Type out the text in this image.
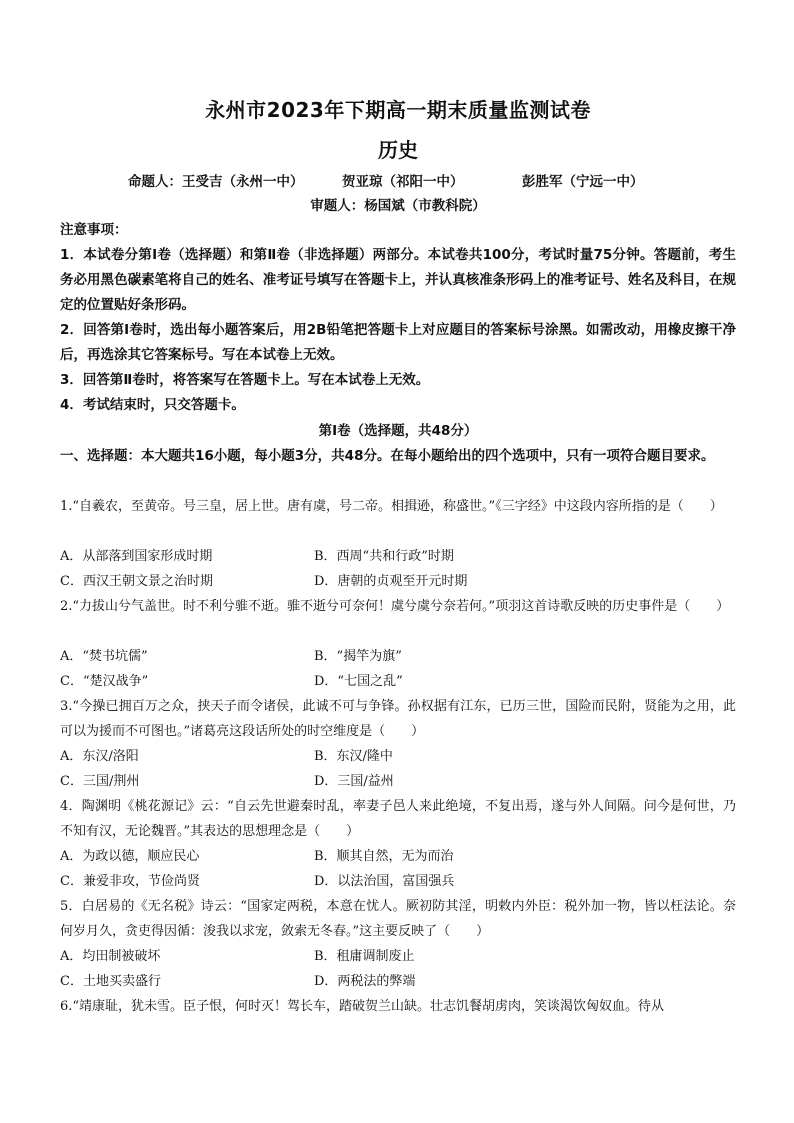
永州市2023年下期高一期末质量监测试卷
历史
命题人：王受吉（永州一中）	贺亚琼（祁阳一中）	彭胜军（宁远一中）
审题人：杨国斌（市教科院）
注意事项：
1．本试卷分第Ⅰ卷（选择题）和第Ⅱ卷（非选择题）两部分。本试卷共100分，考试时量75分钟。答题前，考生务必用黑色碳素笔将自己的姓名、准考证号填写在答题卡上，并认真核准条形码上的准考证号、姓名及科目，在规定的位置贴好条形码。
2．回答第Ⅰ卷时，选出每小题答案后，用2B铅笔把答题卡上对应题目的答案标号涂黑。如需改动，用橡皮擦干净后，再选涂其它答案标号。写在本试卷上无效。
3．回答第Ⅱ卷时，将答案写在答题卡上。写在本试卷上无效。
4．考试结束时，只交答题卡。
第Ⅰ卷（选择题，共48分）
一、选择题：本大题共16小题，每小题3分，共48分。在每小题给出的四个选项中，只有一项符合题目要求。
1.“自羲农，至黄帝。号三皇，居上世。唐有虞，号二帝。相揖逊，称盛世。”《三字经》中这段内容所指的是（　　）
A．从部落到国家形成时期	B．西周“共和行政”时期
C．西汉王朝文景之治时期	D．唐朝的贞观至开元时期
2.“力拔山兮气盖世。时不利兮骓不逝。骓不逝兮可奈何！虞兮虞兮奈若何。”项羽这首诗歌反映的历史事件是（　　）
A．“焚书坑儒”	B．“揭竿为旗”
C．“楚汉战争”	D．“七国之乱”
3.“今操已拥百万之众，挟天子而令诸侯，此诚不可与争锋。孙权据有江东，已历三世，国险而民附，贤能为之用，此可以为援而不可图也。”诸葛亮这段话所处的时空维度是（　　）
A．东汉/洛阳	B．东汉/隆中
C．三国/荆州	D．三国/益州
4．陶渊明《桃花源记》云：“自云先世避秦时乱，率妻子邑人来此绝境，不复出焉，遂与外人间隔。问今是何世，乃不知有汉，无论魏晋。”其表达的思想理念是（　　）
A．为政以德，顺应民心	B．顺其自然，无为而治
C．兼爱非攻，节俭尚贤	D．以法治国，富国强兵
5．白居易的《无名税》诗云：“国家定两税，本意在忧人。厥初防其淫，明敕内外臣：税外加一物，皆以枉法论。奈何岁月久，贪吏得因循：浚我以求宠，敛索无冬春。”这主要反映了（　　）
A．均田制被破坏	B．租庸调制废止
C．土地买卖盛行	D．两税法的弊端
6.“靖康耻，犹未雪。臣子恨，何时灭！驾长车，踏破贺兰山缺。壮志饥餐胡虏肉，笑谈渴饮匈奴血。待从
